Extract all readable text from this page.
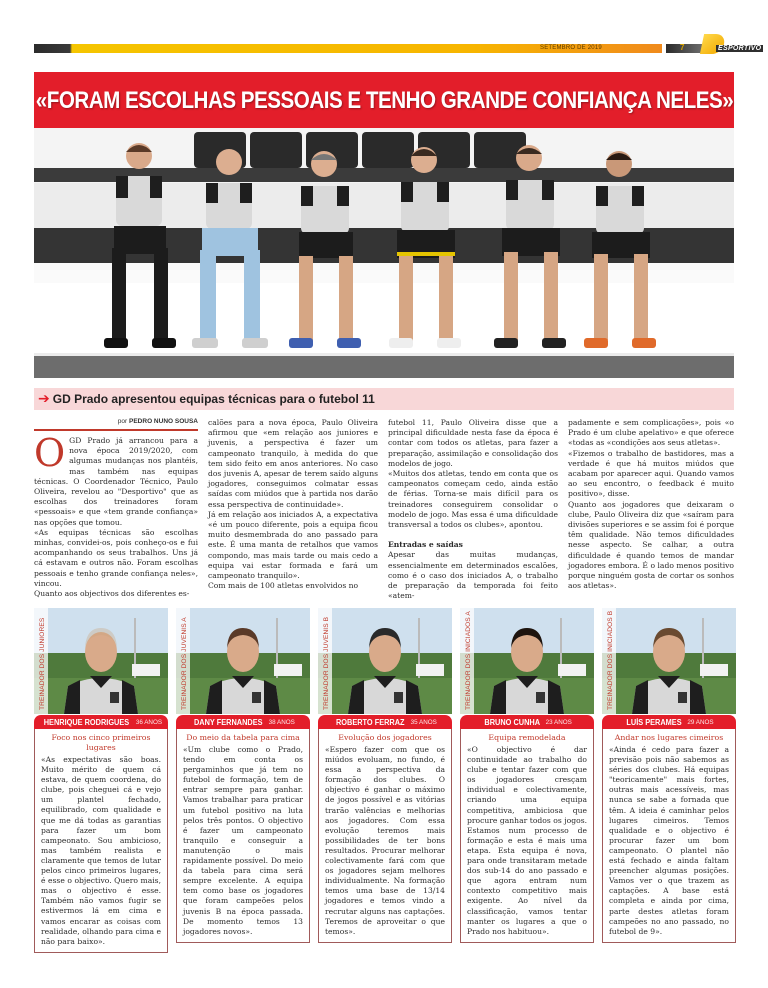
SETEMBRO DE 2019	7	ESPORTIVO
«FORAM ESCOLHAS PESSOAIS E TENHO GRANDE CONFIANÇA NELES»
➔ GD Prado apresentou equipas técnicas para o futebol 11
por PEDRO NUNO SOUSA

O GD Prado já arrancou para a nova época 2019/2020, com algumas mudanças nos plantéis, mas também nas equipas técnicas. O Coordenador Técnico, Paulo Oliveira, revelou ao "Desportivo" que as escolhas dos treinadores foram «pessoais» e que «tem grande confiança» nas opções que tomou.

«As equipas técnicas são escolhas minhas, convidei-os, pois conheço-os e fui acompanhando os seus trabalhos. Uns já cá estavam e outros não. Foram escolhas pessoais e tenho grande confiança neles», vincou.

Quanto aos objectivos dos diferentes es-

calões para a nova época, Paulo Oliveira afirmou que «em relação aos juniores e juvenis, a perspectiva é fazer um campeonato tranquilo, à medida do que tem sido feito em anos anteriores. No caso dos juvenis A, apesar de terem saído alguns jogadores, conseguimos colmatar essas saídas com miúdos que à partida nos darão essa perspectiva de continuidade».

Já em relação aos iniciados A, a expectativa «é um pouco diferente, pois a equipa ficou muito desmembrada do ano passado para este. É uma manta de retalhos que vamos compondo, mas mais tarde ou mais cedo a equipa vai estar formada e fará um campeonato tranquilo».

Com mais de 100 atletas envolvidos no

futebol 11, Paulo Oliveira disse que a principal dificuldade nesta fase da época é contar com todos os atletas, para fazer a preparação, assimilação e consolidação dos modelos de jogo.

«Muitos dos atletas, tendo em conta que os campeonatos começam cedo, ainda estão de férias. Torna-se mais difícil para os treinadores conseguirem consolidar o modelo de jogo. Mas essa é uma dificuldade transversal a todos os clubes», apontou.

Entradas e saídas

Apesar das muitas mudanças, essencialmente em determinados escalões, como é o caso dos iniciados A, o trabalho de preparação da temporada foi feito «atem-

padamente e sem complicações», pois «o Prado é um clube apelativo» e que oferece «todas as «condições aos seus atletas».

«Fizemos o trabalho de bastidores, mas a verdade é que há muitos miúdos que acabam por aparecer aqui. Quando vamos ao seu encontro, o feedback é muito positivo», disse.

Quanto aos jogadores que deixaram o clube, Paulo Oliveira diz que «saíram para divisões superiores e se assim foi é porque têm qualidade. Não temos dificuldades nesse aspecto. Se calhar, a outra dificuldade é quando temos de mandar jogadores embora. É o lado menos positivo porque ninguém gosta de cortar os sonhos aos atletas».

TREINADOR DOS JUNIORES
HENRIQUE RODRIGUES 36 ANOS
Foco nos cinco primeiros lugares
«As expectativas são boas. Muito mérito de quem cá estava, de quem coordena, do clube, pois cheguei cá e vejo um plantel fechado, equilibrado, com qualidade e que me dá todas as garantias para fazer um bom campeonato. Sou ambicioso, mas também realista e claramente que temos de lutar pelos cinco primeiros lugares, é esse o objectivo. Quero mais, mas o objectivo é esse. Também não vamos fugir se estivermos lá em cima e vamos encarar as coisas com realidade, olhando para cima e não para baixo».
TREINADOR DOS JUVENIS A
DANY FERNANDES 38 ANOS
Do meio da tabela para cima
«Um clube como o Prado, tendo em conta os pergaminhos que já tem no futebol de formação, tem de entrar sempre para ganhar. Vamos trabalhar para praticar um futebol positivo na luta pelos três pontos. O objectivo é fazer um campeonato tranquilo e conseguir a manutenção o mais rapidamente possível. Do meio da tabela para cima será sempre excelente. A equipa tem como base os jogadores que foram campeões pelos juvenis B na época passada. De momento temos 13 jogadores novos».
TREINADOR DOS JUVENIS B
ROBERTO FERRAZ 35 ANOS
Evolução dos jogadores
«Espero fazer com que os miúdos evoluam, no fundo, é essa a perspectiva da formação dos clubes. O objectivo é ganhar o máximo de jogos possível e as vitórias trarão valências e melhorias aos jogadores. Com essa evolução teremos mais possibilidades de ter bons resultados. Procurar melhorar colectivamente fará com que os jogadores sejam melhores individualmente. Na formação temos uma base de 13/14 jogadores e temos vindo a recrutar alguns nas captações. Teremos de aproveitar o que temos».
TREINADOR DOS INICIADOS A
BRUNO CUNHA 23 ANOS
Equipa remodelada
«O objectivo é dar continuidade ao trabalho do clube e tentar fazer com que os jogadores cresçam individual e colectivamente, criando uma equipa competitiva, ambiciosa que procure ganhar todos os jogos. Estamos num processo de formação e esta é mais uma etapa. Esta equipa é nova, para onde transitaram metade dos sub-14 do ano passado e que agora entram num contexto competitivo mais exigente. Ao nível da classificação, vamos tentar manter os lugares a que o Prado nos habituou».
TREINADOR DOS INICIADOS B
LUÍS PERAMES 29 ANOS
Andar nos lugares cimeiros
«Ainda é cedo para fazer a previsão pois não sabemos as séries dos clubes. Há equipas "teoricamente" mais fortes, outras mais acessíveis, mas nunca se sabe a fornada que têm. A ideia é caminhar pelos lugares cimeiros. Temos qualidade e o objectivo é procurar fazer um bom campeonato. O plantel não está fechado e ainda faltam preencher algumas posições. Vamos ver o que trazem as captações. A base está completa e ainda por cima, parte destes atletas foram campeões no ano passado, no futebol de 9».
